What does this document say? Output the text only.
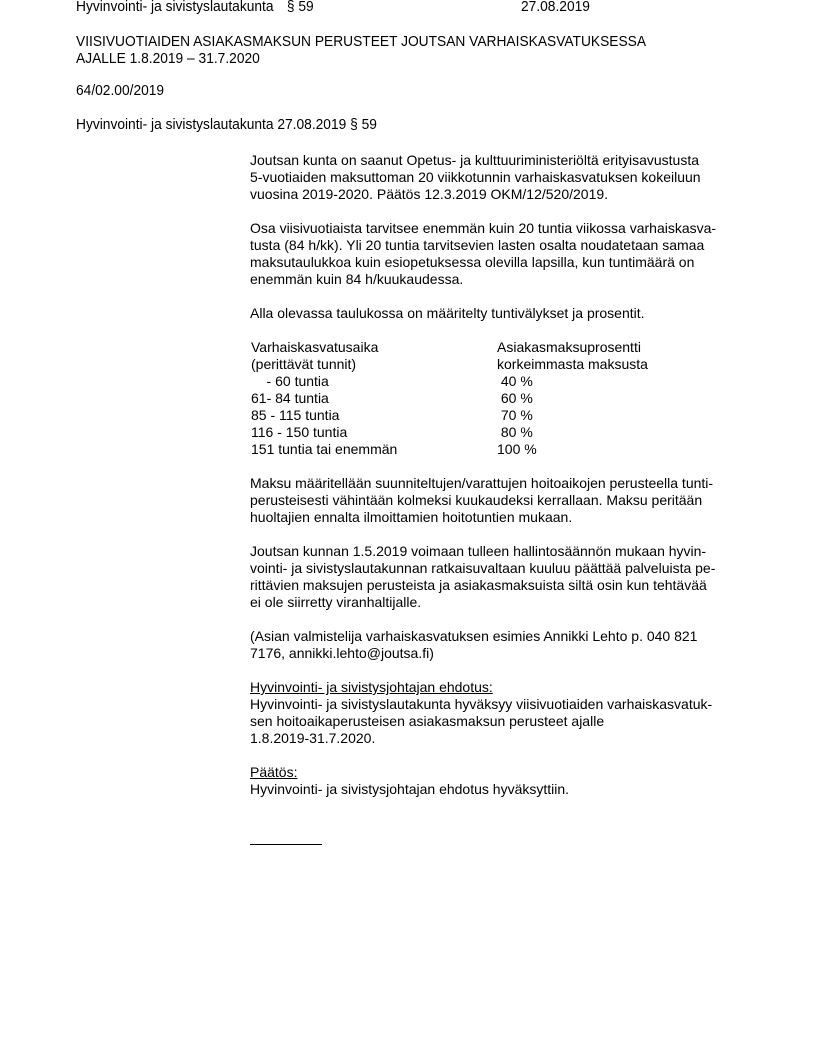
Hyvinvointi- ja sivistyslautakunta § 59	27.08.2019
VIISIVUOTIAIDEN ASIAKASMAKSUN PERUSTEET JOUTSAN VARHAISKASVATUKSESSA
AJALLE 1.8.2019 – 31.7.2020
64/02.00/2019
Hyvinvointi- ja sivistyslautakunta 27.08.2019 § 59

Joutsan kunta on saanut Opetus- ja kulttuuriministeriöltä erityisavustusta
5-vuotiaiden maksuttoman 20 viikkotunnin varhaiskasvatuksen kokeiluun
vuosina 2019-2020. Päätös 12.3.2019 OKM/12/520/2019.

Osa viisivuotiaista tarvitsee enemmän kuin 20 tuntia viikossa varhaiskasva-
tusta (84 h/kk). Yli 20 tuntia tarvitsevien lasten osalta noudatetaan samaa
maksutaulukkoa kuin esiopetuksessa olevilla lapsilla, kun tuntimäärä on
enemmän kuin 84 h/kuukaudessa.

Alla olevassa taulukossa on määritelty tuntivälykset ja prosentit.

Varhaiskasvatusaika	Asiakasmaksuprosentti
(perittävät tunnit)	korkeimmasta maksusta
- 60 tuntia	40 %
61- 84 tuntia	60 %
85 - 115 tuntia	70 %
116 - 150 tuntia	80 %
151 tuntia tai enemmän	100 %

Maksu määritellään suunniteltujen/varattujen hoitoaikojen perusteella tunti-
perusteisesti vähintään kolmeksi kuukaudeksi kerrallaan. Maksu peritään
huoltajien ennalta ilmoittamien hoitotuntien mukaan.

Joutsan kunnan 1.5.2019 voimaan tulleen hallintosäännön mukaan hyvin-
vointi- ja sivistyslautakunnan ratkaisuvaltaan kuuluu päättää palveluista pe-
rittävien maksujen perusteista ja asiakasmaksuista siltä osin kun tehtävää
ei ole siirretty viranhaltijalle.

(Asian valmistelija varhaiskasvatuksen esimies Annikki Lehto p. 040 821
7176, annikki.lehto@joutsa.fi)

Hyvinvointi- ja sivistysjohtajan ehdotus:
Hyvinvointi- ja sivistyslautakunta hyväksyy viisivuotiaiden varhaiskasvatuk-
sen hoitoaikaperusteisen asiakasmaksun perusteet ajalle
1.8.2019-31.7.2020.

Päätös:
Hyvinvointi- ja sivistysjohtajan ehdotus hyväksyttiin.
